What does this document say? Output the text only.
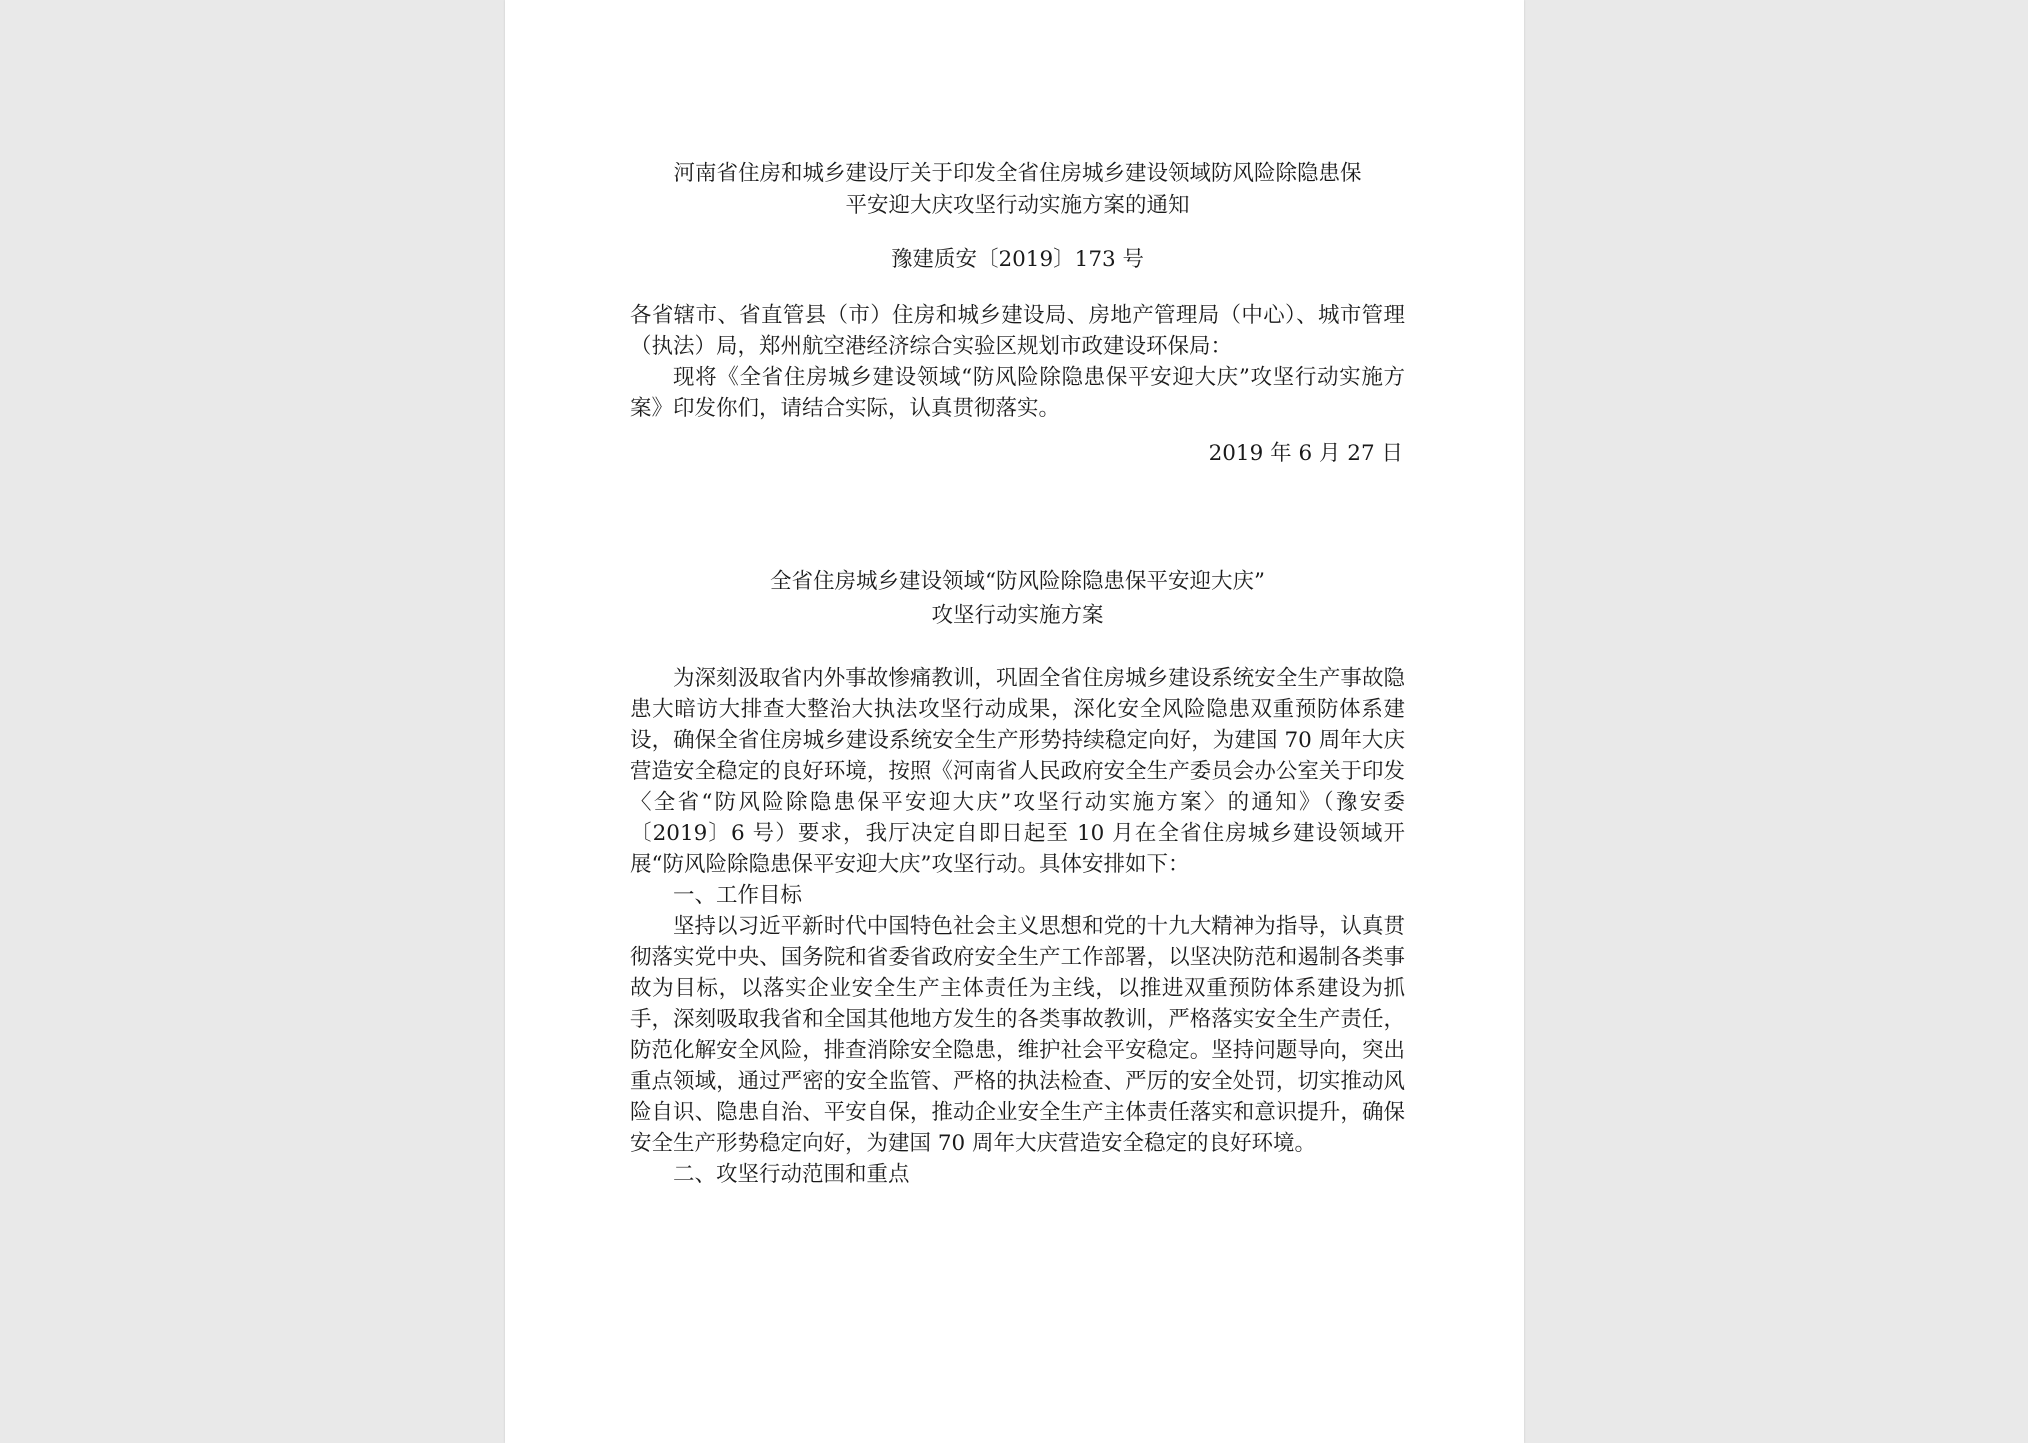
河南省住房和城乡建设厅关于印发全省住房城乡建设领域防风险除隐患保
平安迎大庆攻坚行动实施方案的通知
豫建质安〔2019〕173 号
各省辖市、省直管县（市）住房和城乡建设局、房地产管理局（中心）、城市管理（执法）局，郑州航空港经济综合实验区规划市政建设环保局：

现将《全省住房城乡建设领域“防风险除隐患保平安迎大庆”攻坚行动实施方案》印发你们，请结合实际，认真贯彻落实。

2019 年 6 月 27 日
全省住房城乡建设领域“防风险除隐患保平安迎大庆”
攻坚行动实施方案

为深刻汲取省内外事故惨痛教训，巩固全省住房城乡建设系统安全生产事故隐患大暗访大排查大整治大执法攻坚行动成果，深化安全风险隐患双重预防体系建设，确保全省住房城乡建设系统安全生产形势持续稳定向好，为建国 70 周年大庆营造安全稳定的良好环境，按照《河南省人民政府安全生产委员会办公室关于印发〈全省“防风险除隐患保平安迎大庆”攻坚行动实施方案〉的通知》（豫安委〔2019〕6 号）要求，我厅决定自即日起至 10 月在全省住房城乡建设领域开展“防风险除隐患保平安迎大庆”攻坚行动。具体安排如下：

一、工作目标

坚持以习近平新时代中国特色社会主义思想和党的十九大精神为指导，认真贯彻落实党中央、国务院和省委省政府安全生产工作部署，以坚决防范和遏制各类事故为目标，以落实企业安全生产主体责任为主线，以推进双重预防体系建设为抓手，深刻吸取我省和全国其他地方发生的各类事故教训，严格落实安全生产责任，防范化解安全风险，排查消除安全隐患，维护社会平安稳定。坚持问题导向，突出重点领域，通过严密的安全监管、严格的执法检查、严厉的安全处罚，切实推动风险自识、隐患自治、平安自保，推动企业安全生产主体责任落实和意识提升，确保安全生产形势稳定向好，为建国 70 周年大庆营造安全稳定的良好环境。

二、攻坚行动范围和重点
